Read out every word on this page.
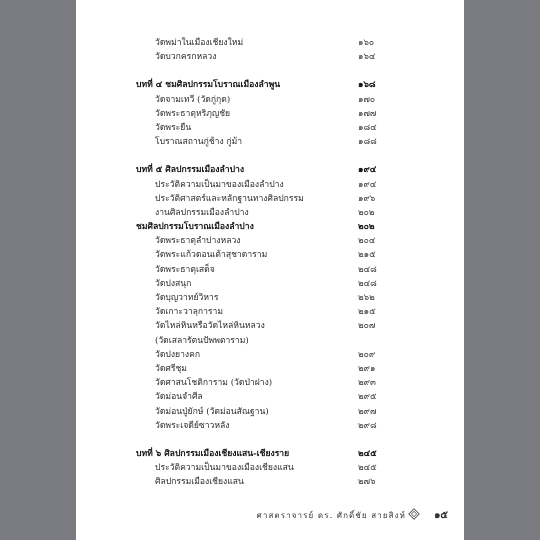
วัดพม่าในเมืองเชียงใหม่	๑๖๐
วัดบวกครกหลวง	๑๖๔
บทที่ ๔ ชมศิลปกรรมโบราณเมืองลำพูน	๑๖๘
วัดจามเทวี (วัดกู่กุด)	๑๗๐
วัดพระธาตุหริภุญชัย	๑๗๗
วัดพระยืน	๑๘๔
โบราณสถานกู่ช้าง กู่ม้า	๑๘๘
บทที่ ๕ ศิลปกรรมเมืองลำปาง	๑๙๔
ประวัติความเป็นมาของเมืองลำปาง	๑๙๔
ประวัติศาสตร์และหลักฐานทางศิลปกรรม	๑๙๖
งานศิลปกรรมเมืองลำปาง	๒๐๒
ชมศิลปกรรมโบราณเมืองลำปาง	๒๐๒
วัดพระธาตุลำปางหลวง	๒๐๔
วัดพระแก้วดอนเต้าสุชาดาราม	๒๑๕
วัดพระธาตุเสด็จ	๒๔๘
วัดปงสนุก	๒๔๘
วัดบุญวาทย์วิหาร	๒๖๒
วัดเกาะวาลุการาม	๒๑๕
วัดไหล่หินหรือวัดไหล่หินหลวง	๒๐๗
(วัดเสลารัตนปัพพตาราม)
วัดปงยางคก	๒๐๙
วัดศรีชุม	๒๙๑
วัดศาสนโชติการาม (วัดป่าฝาง)	๒๙๓
วัดม่อนจำศีล	๒๙๕
วัดม่อนปู่ยักษ์ (วัดม่อนสัณฐาน)	๒๙๗
วัดพระเจดีย์ซาวหลัง	๒๙๘
บทที่ ๖ ศิลปกรรมเมืองเชียงแสน-เชียงราย	๒๔๕
ประวัติความเป็นมาของเมืองเชียงแสน	๒๔๕
ศิลปกรรมเมืองเชียงแสน	๒๗๖
ศาสตราจารย์ ดร. ศักดิ์ชัย สายสิงห์	๑๕
